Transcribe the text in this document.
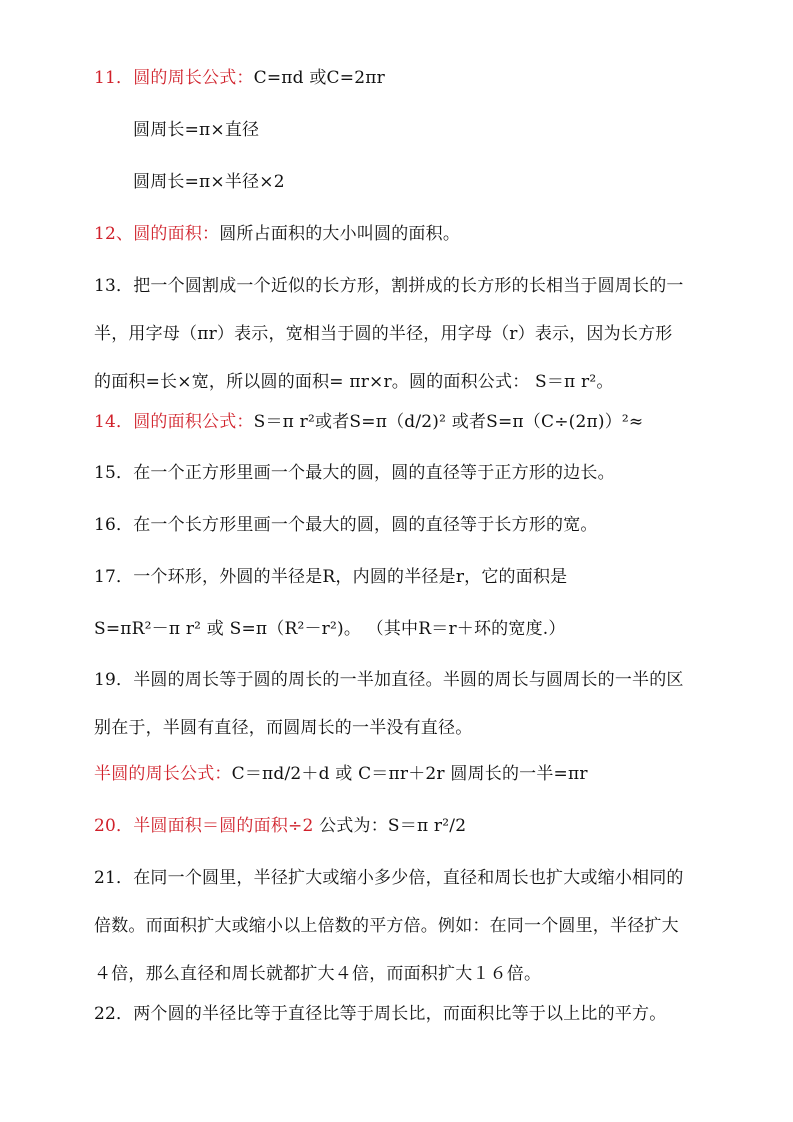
11．圆的周长公式：C=πd 或C=2πr
圆周长=π×直径
圆周长=π×半径×2
12、圆的面积：圆所占面积的大小叫圆的面积。
13．把一个圆割成一个近似的长方形，割拼成的长方形的长相当于圆周长的一
半，用字母（πr）表示，宽相当于圆的半径，用字母（r）表示，因为长方形
的面积=长×宽，所以圆的面积= πr×r。圆的面积公式： S＝π r²。
14．圆的面积公式：S＝π r²或者S=π（d/2)² 或者S=π（C÷(2π)）²≈
15．在一个正方形里画一个最大的圆，圆的直径等于正方形的边长。
16．在一个长方形里画一个最大的圆，圆的直径等于长方形的宽。
17．一个环形，外圆的半径是R，内圆的半径是r，它的面积是
S=πR²－π r² 或 S=π（R²－r²)。 （其中R＝r＋环的宽度.）
19．半圆的周长等于圆的周长的一半加直径。半圆的周长与圆周长的一半的区
别在于，半圆有直径，而圆周长的一半没有直径。
半圆的周长公式：C＝πd/2＋d 或 C＝πr＋2r 圆周长的一半=πr
20．半圆面积＝圆的面积÷2 公式为：S＝π r²/2
21．在同一个圆里，半径扩大或缩小多少倍，直径和周长也扩大或缩小相同的
倍数。而面积扩大或缩小以上倍数的平方倍。例如：在同一个圆里，半径扩大
４倍，那么直径和周长就都扩大４倍，而面积扩大１６倍。
22．两个圆的半径比等于直径比等于周长比，而面积比等于以上比的平方。
